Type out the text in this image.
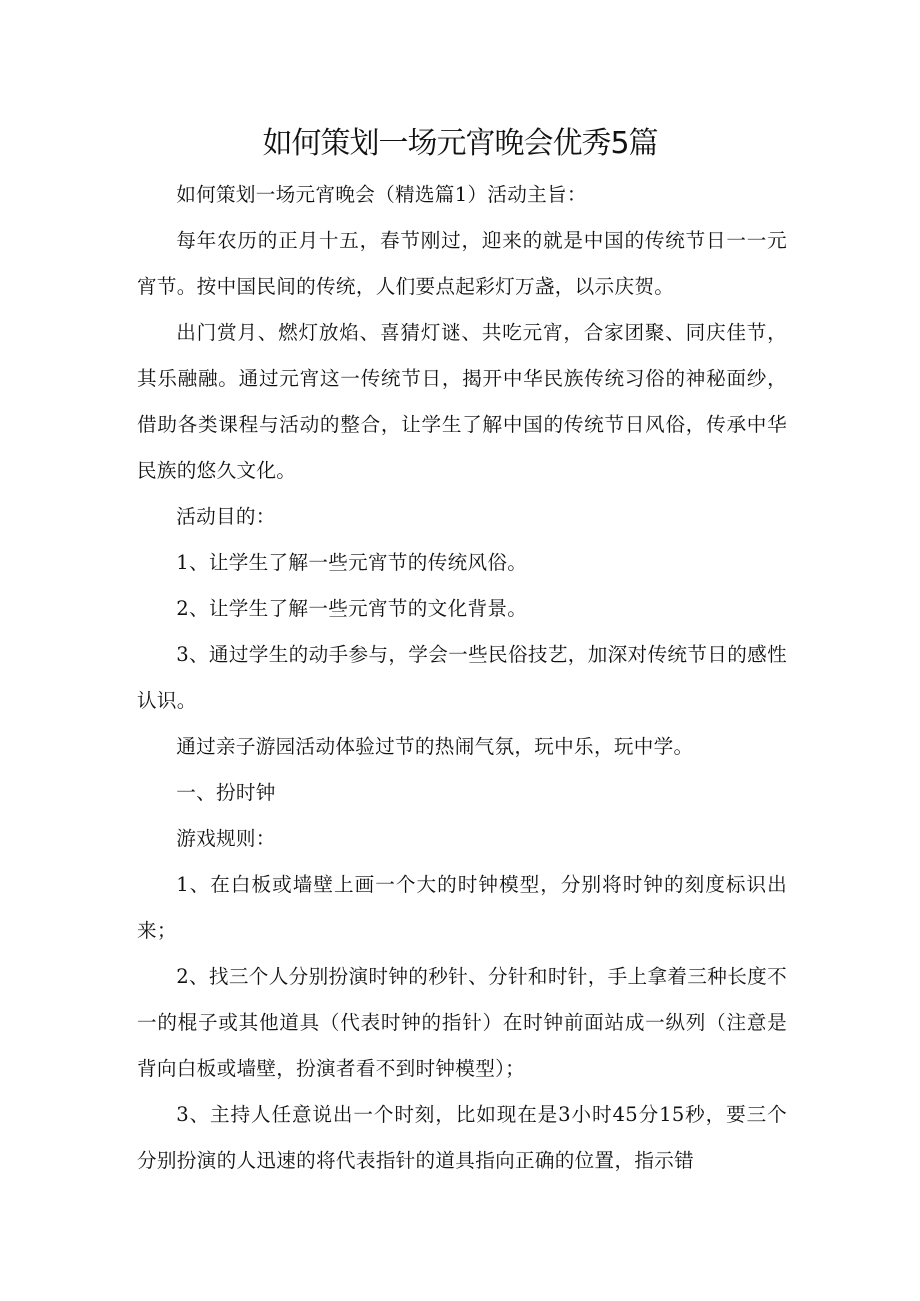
如何策划一场元宵晚会优秀5篇

如何策划一场元宵晚会（精选篇1）活动主旨：

每年农历的正月十五，春节刚过，迎来的就是中国的传统节日一一元宵节。按中国民间的传统，人们要点起彩灯万盏，以示庆贺。

出门赏月、燃灯放焰、喜猜灯谜、共吃元宵，合家团聚、同庆佳节，其乐融融。通过元宵这一传统节日，揭开中华民族传统习俗的神秘面纱，借助各类课程与活动的整合，让学生了解中国的传统节日风俗，传承中华民族的悠久文化。

活动目的：

1、让学生了解一些元宵节的传统风俗。

2、让学生了解一些元宵节的文化背景。

3、通过学生的动手参与，学会一些民俗技艺，加深对传统节日的感性认识。

通过亲子游园活动体验过节的热闹气氛，玩中乐，玩中学。

一、扮时钟

游戏规则：

1、在白板或墙壁上画一个大的时钟模型，分别将时钟的刻度标识出来；

2、找三个人分别扮演时钟的秒针、分针和时针，手上拿着三种长度不一的棍子或其他道具（代表时钟的指针）在时钟前面站成一纵列（注意是背向白板或墙壁，扮演者看不到时钟模型）；

3、主持人任意说出一个时刻，比如现在是3小时45分15秒，要三个分别扮演的人迅速的将代表指针的道具指向正确的位置，指示错
